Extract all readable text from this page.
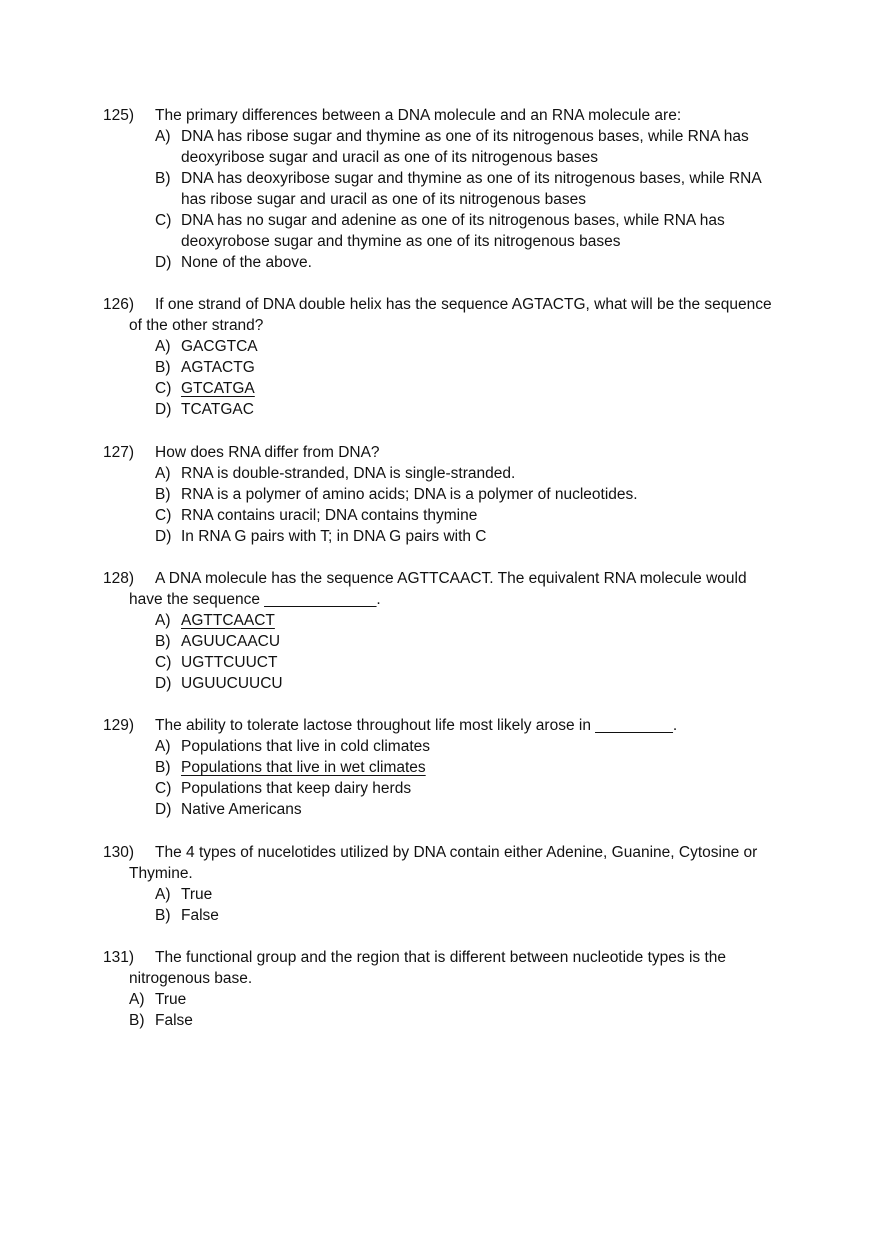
125)	The primary differences between a DNA molecule and an RNA molecule are:
A) DNA has ribose sugar and thymine as one of its nitrogenous bases, while RNA has deoxyribose sugar and uracil as one of its nitrogenous bases
B) DNA has deoxyribose sugar and thymine as one of its nitrogenous bases, while RNA has ribose sugar and uracil as one of its nitrogenous bases
C) DNA has no sugar and adenine as one of its nitrogenous bases, while RNA has deoxyrobose sugar and thymine as one of its nitrogenous bases
D) None of the above.
126)	If one strand of DNA double helix has the sequence AGTACTG, what will be the sequence of the other strand?
A) GACGTCA
B) AGTACTG
C) GTCATGA
D) TCATGAC
127)	How does RNA differ from DNA?
A) RNA is double-stranded, DNA is single-stranded.
B) RNA is a polymer of amino acids; DNA is a polymer of nucleotides.
C) RNA contains uracil; DNA contains thymine
D) In RNA G pairs with T; in DNA G pairs with C
128)	A DNA molecule has the sequence AGTTCAACT. The equivalent RNA molecule would have the sequence _____________.
A) AGTTCAACT
B) AGUUCAACU
C) UGTTCUUCT
D) UGUUCUUCU
129)	The ability to tolerate lactose throughout life most likely arose in _________.
A) Populations that live in cold climates
B) Populations that live in wet climates
C) Populations that keep dairy herds
D) Native Americans
130)	The 4 types of nucelotides utilized by DNA contain either Adenine, Guanine, Cytosine or Thymine.
A) True
B) False
131)	The functional group and the region that is different between nucleotide types is the nitrogenous base.
A) True
B) False
